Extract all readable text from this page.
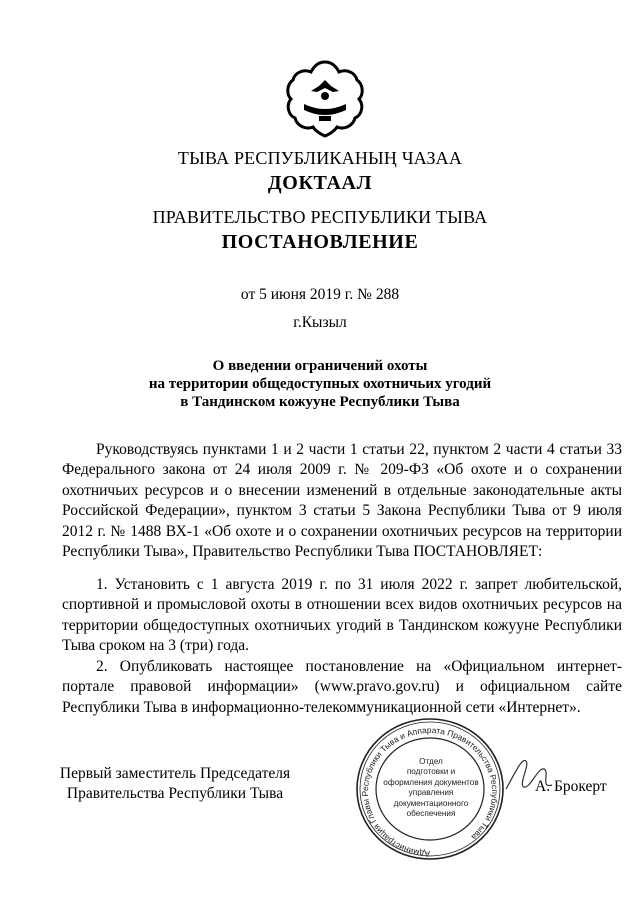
ТЫВА РЕСПУБЛИКАНЫҢ ЧАЗАА
ДОКТААЛ
ПРАВИТЕЛЬСТВО РЕСПУБЛИКИ ТЫВА
ПОСТАНОВЛЕНИЕ
от 5 июня 2019 г. № 288
г.Кызыл
О введении ограничений охоты
на территории общедоступных охотничьих угодий
в Тандинском кожууне Республики Тыва
Руководствуясь пунктами 1 и 2 части 1 статьи 22, пунктом 2 части 4 статьи 33 Федерального закона от 24 июля 2009 г. № 209-ФЗ «Об охоте и о сохранении охотничьих ресурсов и о внесении изменений в отдельные законодательные акты Российской Федерации», пунктом 3 статьи 5 Закона Республики Тыва от 9 июля 2012 г. № 1488 ВХ-1 «Об охоте и о сохранении охотничьих ресурсов на территории Республики Тыва», Правительство Республики Тыва ПОСТАНОВЛЯЕТ:
1. Установить с 1 августа 2019 г. по 31 июля 2022 г. запрет любительской, спортивной и промысловой охоты в отношении всех видов охотничьих ресурсов на территории общедоступных охотничьих угодий в Тандинском кожууне Республики Тыва сроком на 3 (три) года.
2. Опубликовать настоящее постановление на «Официальном интернет-портале правовой информации» (www.pravo.gov.ru) и официальном сайте Республики Тыва в информационно-телекоммуникационной сети «Интернет».
Первый заместитель Председателя
Правительства Республики Тыва	А. Брокерт
Администрация Главы Республики Тыва и Аппарата Правительства Республики Тыва
Отдел
подготовки и
оформления документов
управления
документационного
обеспечения
